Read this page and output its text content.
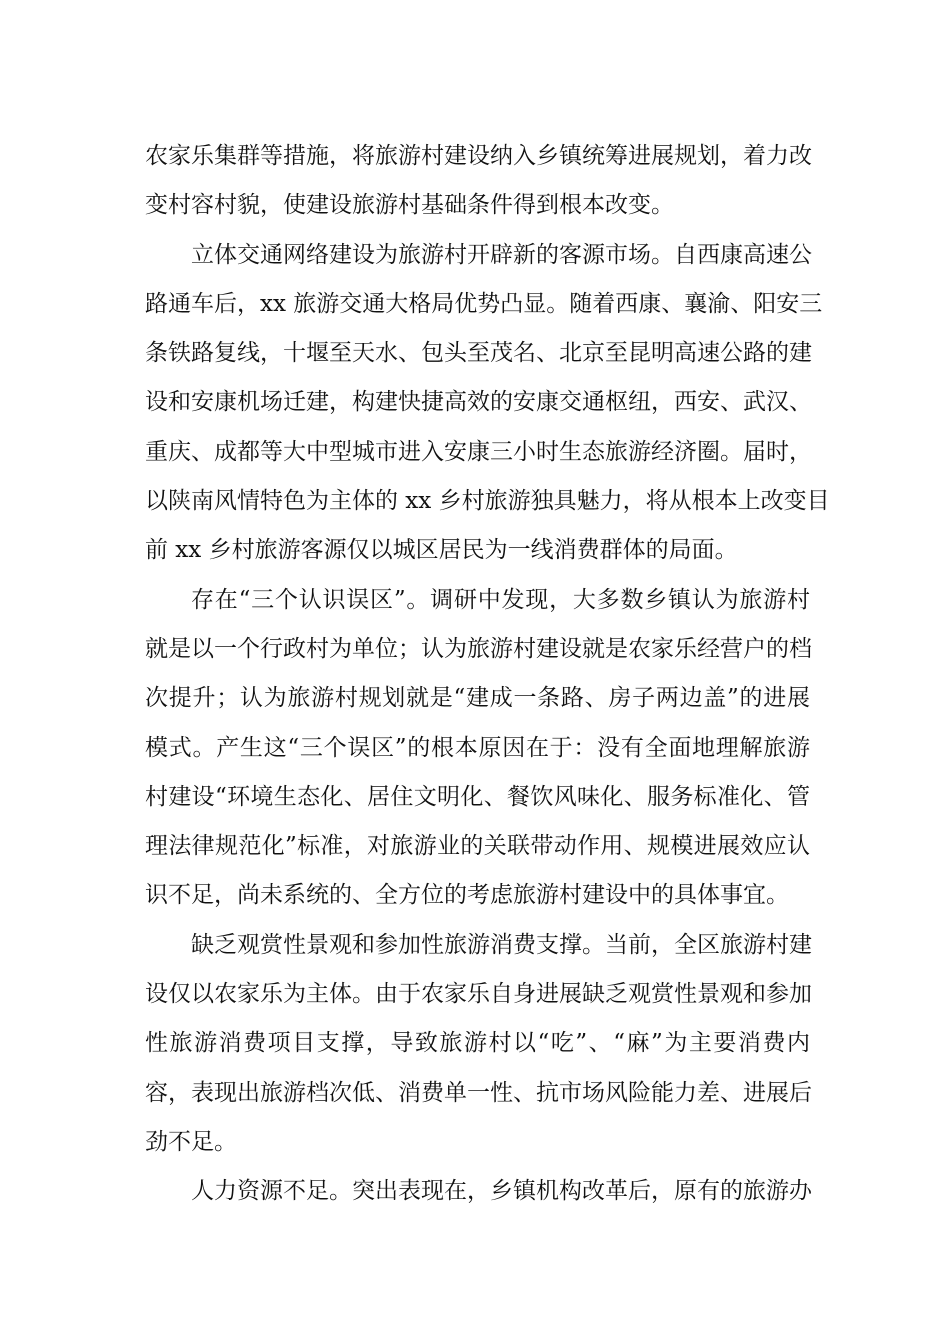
农家乐集群等措施，将旅游村建设纳入乡镇统筹进展规划，着力改
变村容村貌，使建设旅游村基础条件得到根本改变。
立体交通网络建设为旅游村开辟新的客源市场。自西康高速公
路通车后，xx 旅游交通大格局优势凸显。随着西康、襄渝、阳安三
条铁路复线，十堰至天水、包头至茂名、北京至昆明高速公路的建
设和安康机场迁建，构建快捷高效的安康交通枢纽，西安、武汉、
重庆、成都等大中型城市进入安康三小时生态旅游经济圈。届时，
以陕南风情特色为主体的 xx 乡村旅游独具魅力，将从根本上改变目
前 xx 乡村旅游客源仅以城区居民为一线消费群体的局面。
存在“三个认识误区”。调研中发现，大多数乡镇认为旅游村
就是以一个行政村为单位；认为旅游村建设就是农家乐经营户的档
次提升；认为旅游村规划就是“建成一条路、房子两边盖”的进展
模式。产生这“三个误区”的根本原因在于：没有全面地理解旅游
村建设“环境生态化、居住文明化、餐饮风味化、服务标准化、管
理法律规范化”标准，对旅游业的关联带动作用、规模进展效应认
识不足，尚未系统的、全方位的考虑旅游村建设中的具体事宜。
缺乏观赏性景观和参加性旅游消费支撑。当前，全区旅游村建
设仅以农家乐为主体。由于农家乐自身进展缺乏观赏性景观和参加
性旅游消费项目支撑，导致旅游村以“吃”、“麻”为主要消费内
容，表现出旅游档次低、消费单一性、抗市场风险能力差、进展后
劲不足。
人力资源不足。突出表现在，乡镇机构改革后，原有的旅游办
